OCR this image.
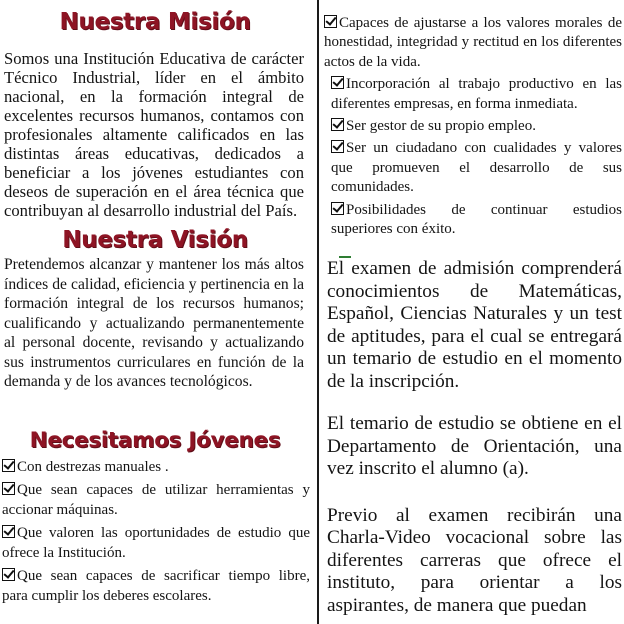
Nuestra Misión

Somos una Institución Educativa de carácter Técnico Industrial, líder en el ámbito nacional, en la formación integral de excelentes recursos humanos, contamos con profesionales altamente calificados en las distintas áreas educativas, dedicados a beneficiar a los jóvenes estudiantes con deseos de superación en el área técnica que contribuyan al desarrollo industrial del País.

Nuestra Visión

Pretendemos alcanzar y mantener los más altos índices de calidad, eficiencia y pertinencia en la formación integral de los recursos humanos; cualificando y actualizando permanentemente al personal docente, revisando y actualizando sus instrumentos curriculares en función de la demanda y de los avances tecnológicos.

Necesitamos Jóvenes
Con destrezas manuales .
Que sean capaces de utilizar herramientas y accionar máquinas.
Que valoren las oportunidades de estudio que ofrece la Institución.
Que sean capaces de sacrificar tiempo libre, para cumplir los deberes escolares.
Capaces de ajustarse a los valores morales de honestidad, integridad y rectitud en los diferentes actos de la vida.
Incorporación al trabajo productivo en las diferentes empresas, en forma inmediata.
Ser gestor de su propio empleo.
Ser un ciudadano con cualidades y valores que promueven el desarrollo de sus comunidades.
Posibilidades de continuar estudios superiores con éxito.

El examen de admisión comprenderá conocimientos de Matemáticas, Español, Ciencias Naturales y un test de aptitudes, para el cual se entregará un temario de estudio en el momento de la inscripción.

El temario de estudio se obtiene en el Departamento de Orientación, una vez inscrito el alumno (a).

Previo al examen recibirán una Charla-Video vocacional sobre las diferentes carreras que ofrece el instituto, para orientar a los aspirantes, de manera que puedan
